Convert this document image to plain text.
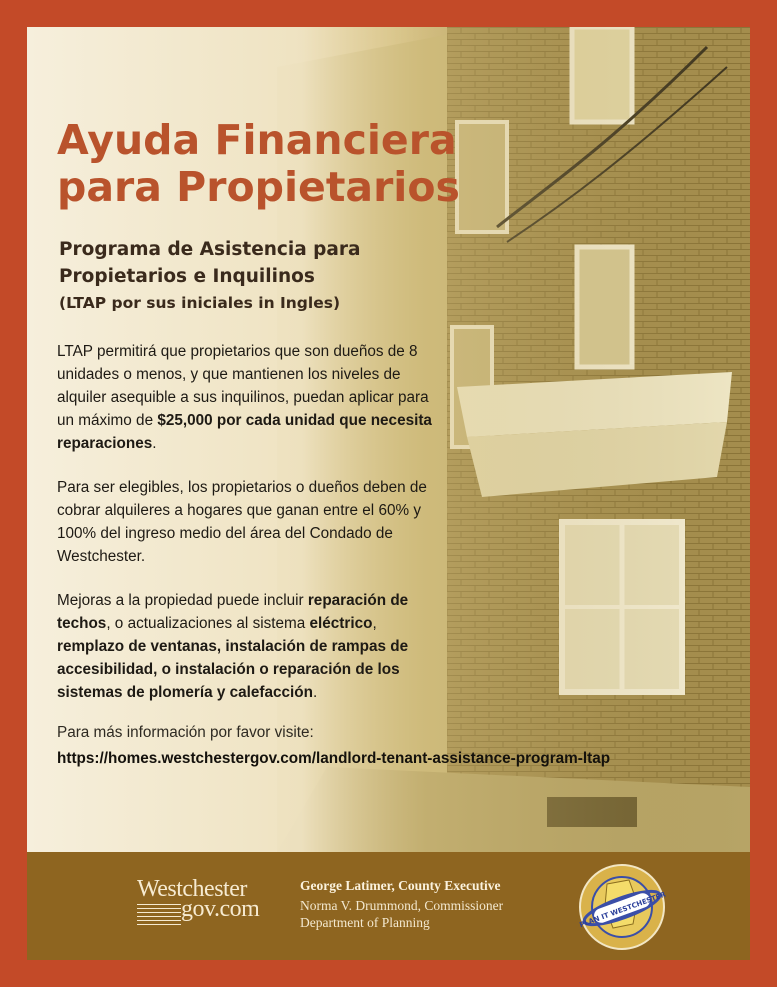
Ayuda Financiera
para Propietarios
Programa de Asistencia para Propietarios e Inquilinos
(LTAP por sus iniciales in Ingles)

LTAP permitirá que propietarios que son dueños de 8 unidades o menos, y que mantienen los niveles de alquiler asequible a sus inquilinos, puedan aplicar para un máximo de $25,000 por cada unidad que necesita reparaciones.

Para ser elegibles, los propietarios o dueños deben de cobrar alquileres a hogares que ganan entre el 60% y 100% del ingreso medio del área del Condado de Westchester.

Mejoras a la propiedad puede incluir reparación de techos, o actualizaciones al sistema eléctrico, remplazo de ventanas, instalación de rampas de accesibilidad, o instalación o reparación de los sistemas de plomería y calefacción.

Para más información por favor visite:

https://homes.westchestergov.com/landlord-tenant-assistance-program-ltap

Westchester
gov.com

George Latimer, County Executive

Norma V. Drummond, Commissioner

Department of Planning	PLAN IT WESTCHESTER
